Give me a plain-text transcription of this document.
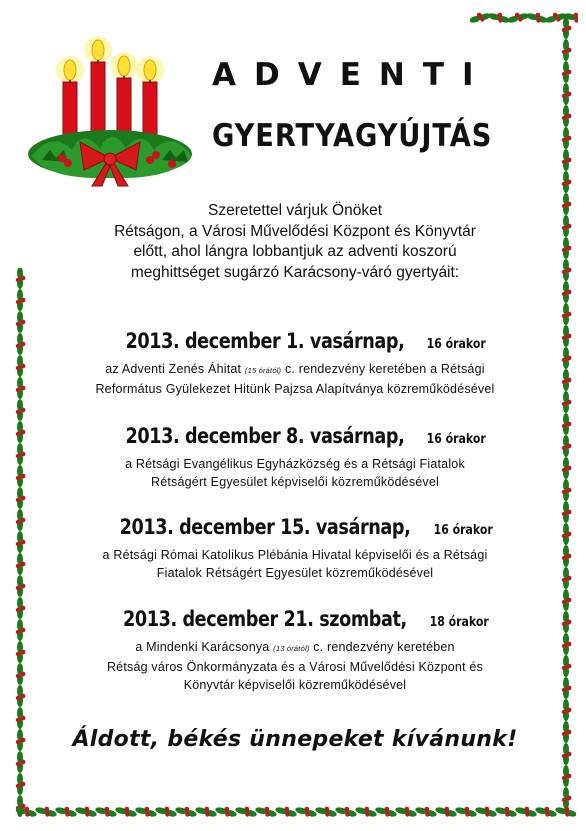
ADVENTI
GYERTYAGYÚJTÁS
Szeretettel várjuk Önöket
Rétságon, a Városi Művelődési Központ és Könyvtár
előtt, ahol lángra lobbantjuk az adventi koszorú
meghittséget sugárzó Karácsony-váró gyertyáit:
2013. december 1. vasárnap, 16 órakor
az Adventi Zenés Áhitat (15 órától) c. rendezvény keretében a Rétsági
Református Gyülekezet Hitünk Pajzsa Alapítványa közreműködésével
2013. december 8. vasárnap, 16 órakor
a Rétsági Evangélikus Egyházközség és a Rétsági Fiatalok
Rétságért Egyesület képviselői közreműködésével
2013. december 15. vasárnap, 16 órakor
a Rétsági Római Katolikus Plébánia Hivatal képviselői és a Rétsági
Fiatalok Rétságért Egyesület közreműködésével
2013. december 21. szombat, 18 órakor
a Mindenki Karácsonya (13 órától) c. rendezvény keretében
Rétság város Önkormányzata és a Városi Művelődési Központ és
Könyvtár képviselői közreműködésével
Áldott, békés ünnepeket kívánunk!
